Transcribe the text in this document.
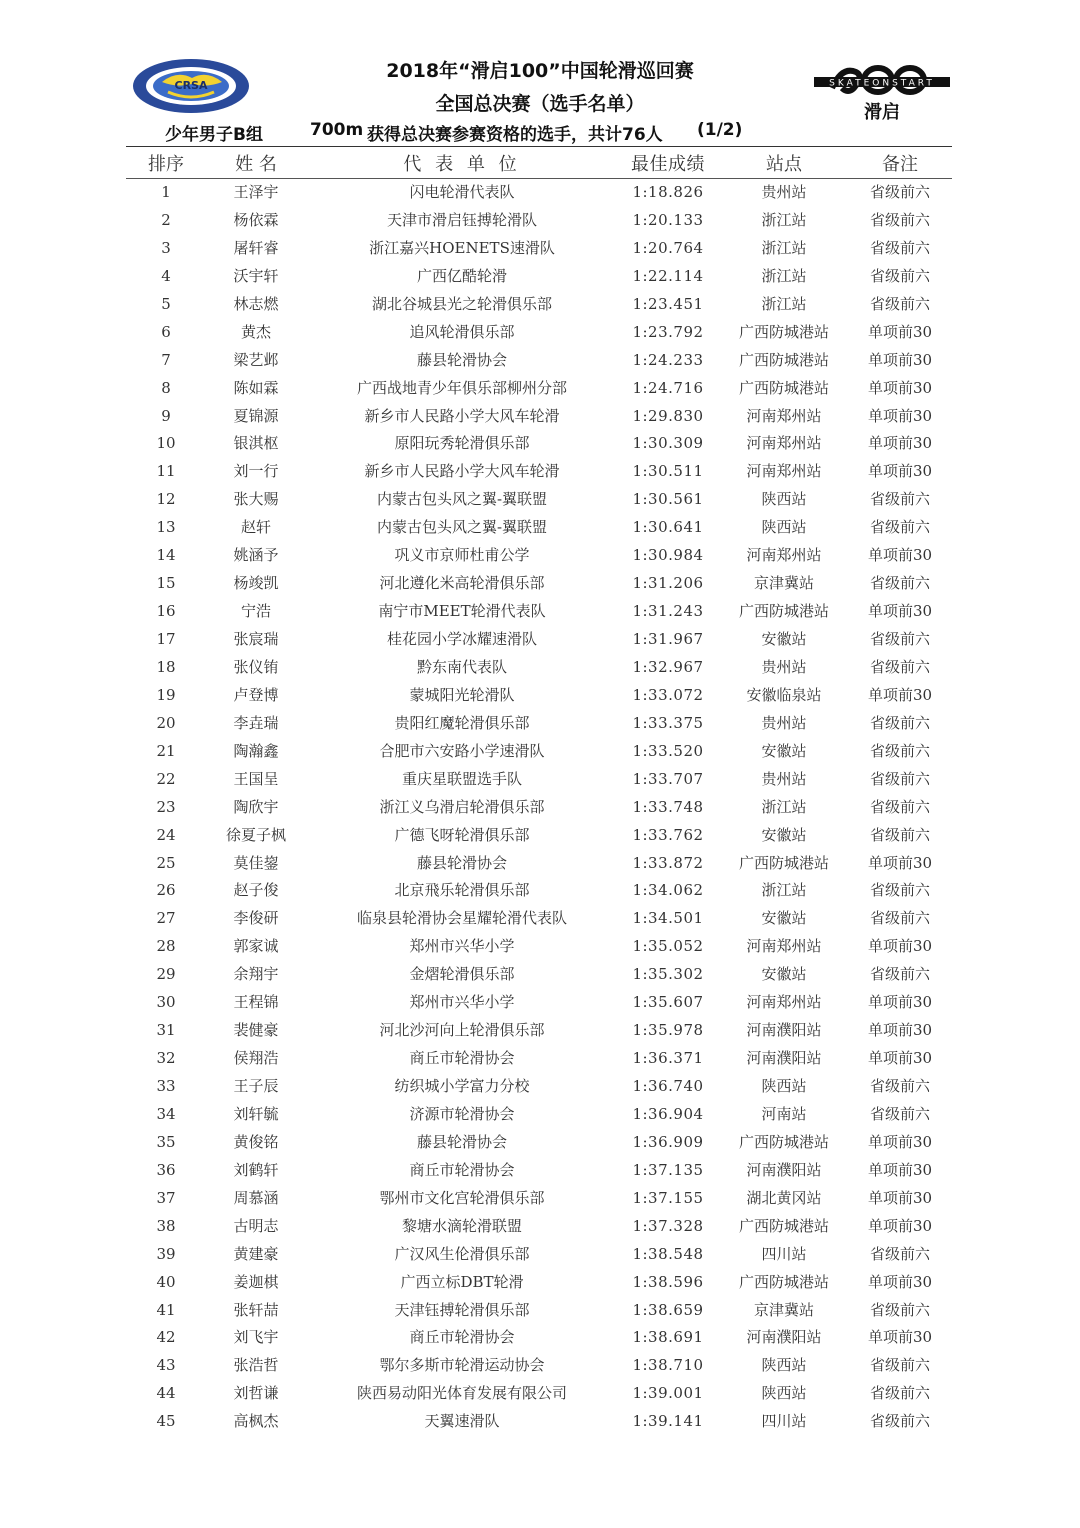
CRSA
2018年“滑启100”中国轮滑巡回赛
全国总决赛（选手名单）
SKATEONSTART
滑启
少年男子B组	700m 获得总决赛参赛资格的选手，共计76人 (1/2)
排序	姓 名	代 表 单 位	最佳成绩	站点	备注
1	王泽宇	闪电轮滑代表队	1:18.826	贵州站	省级前六
2	杨依霖	天津市滑启钰搏轮滑队	1:20.133	浙江站	省级前六
3	屠轩睿	浙江嘉兴HOENETS速滑队	1:20.764	浙江站	省级前六
4	沃宇轩	广西亿酷轮滑	1:22.114	浙江站	省级前六
5	林志燃	湖北谷城县光之轮滑俱乐部	1:23.451	浙江站	省级前六
6	黄杰	追风轮滑俱乐部	1:23.792 广西防城港站	单项前30
7	梁艺邺	藤县轮滑协会	1:24.233 广西防城港站	单项前30
8	陈如霖	广西战地青少年俱乐部柳州分部	1:24.716 广西防城港站	单项前30
9	夏锦源	新乡市人民路小学大风车轮滑	1:29.830	河南郑州站	单项前30
10	银淇枢	原阳玩秀轮滑俱乐部	1:30.309	河南郑州站	单项前30
11	刘一行	新乡市人民路小学大风车轮滑	1:30.511	河南郑州站	单项前30
12	张大赐	内蒙古包头风之翼-翼联盟	1:30.561	陕西站	省级前六
13	赵轩	内蒙古包头风之翼-翼联盟	1:30.641	陕西站	省级前六
14	姚涵予	巩义市京师杜甫公学	1:30.984	河南郑州站	单项前30
15	杨竣凯	河北遵化米高轮滑俱乐部	1:31.206	京津冀站	省级前六
16	宁浩	南宁市MEET轮滑代表队	1:31.243 广西防城港站	单项前30
17	张宸瑞	桂花园小学冰耀速滑队	1:31.967	安徽站	省级前六
18	张仪铕	黔东南代表队	1:32.967	贵州站	省级前六
19	卢登博	蒙城阳光轮滑队	1:33.072	安徽临泉站	单项前30
20	李垚瑞	贵阳红魔轮滑俱乐部	1:33.375	贵州站	省级前六
21	陶瀚鑫	合肥市六安路小学速滑队	1:33.520	安徽站	省级前六
22	王国呈	重庆星联盟选手队	1:33.707	贵州站	省级前六
23	陶欣宇	浙江义乌滑启轮滑俱乐部	1:33.748	浙江站	省级前六
24	徐夏子枫	广德飞呀轮滑俱乐部	1:33.762	安徽站	省级前六
25	莫佳鋆	藤县轮滑协会	1:33.872 广西防城港站	单项前30
26	赵子俊	北京飛乐轮滑俱乐部	1:34.062	浙江站	省级前六
27	李俊研	临泉县轮滑协会星耀轮滑代表队	1:34.501	安徽站	省级前六
28	郭家诚	郑州市兴华小学	1:35.052	河南郑州站	单项前30
29	余翔宇	金熠轮滑俱乐部	1:35.302	安徽站	省级前六
30	王程锦	郑州市兴华小学	1:35.607	河南郑州站	单项前30
31	裴健豪	河北沙河向上轮滑俱乐部	1:35.978	河南濮阳站	单项前30
32	侯翔浩	商丘市轮滑协会	1:36.371	河南濮阳站	单项前30
33	王子辰	纺织城小学富力分校	1:36.740	陕西站	省级前六
34	刘轩毓	济源市轮滑协会	1:36.904	河南站	省级前六
35	黄俊铭	藤县轮滑协会	1:36.909 广西防城港站	单项前30
36	刘鹤轩	商丘市轮滑协会	1:37.135	河南濮阳站	单项前30
37	周慕涵	鄂州市文化宫轮滑俱乐部	1:37.155	湖北黄冈站	单项前30
38	古明志	黎塘水滴轮滑联盟	1:37.328 广西防城港站	单项前30
39	黄建豪	广汉风生伦滑俱乐部	1:38.548	四川站	省级前六
40	姜迦棋	广西立标DBT轮滑	1:38.596 广西防城港站	单项前30
41	张轩喆	天津钰搏轮滑俱乐部	1:38.659	京津冀站	省级前六
42	刘飞宇	商丘市轮滑协会	1:38.691	河南濮阳站	单项前30
43	张浩哲	鄂尔多斯市轮滑运动协会	1:38.710	陕西站	省级前六
44	刘哲谦	陕西易动阳光体育发展有限公司	1:39.001	陕西站	省级前六
45	高枫杰	天翼速滑队	1:39.141	四川站	省级前六
